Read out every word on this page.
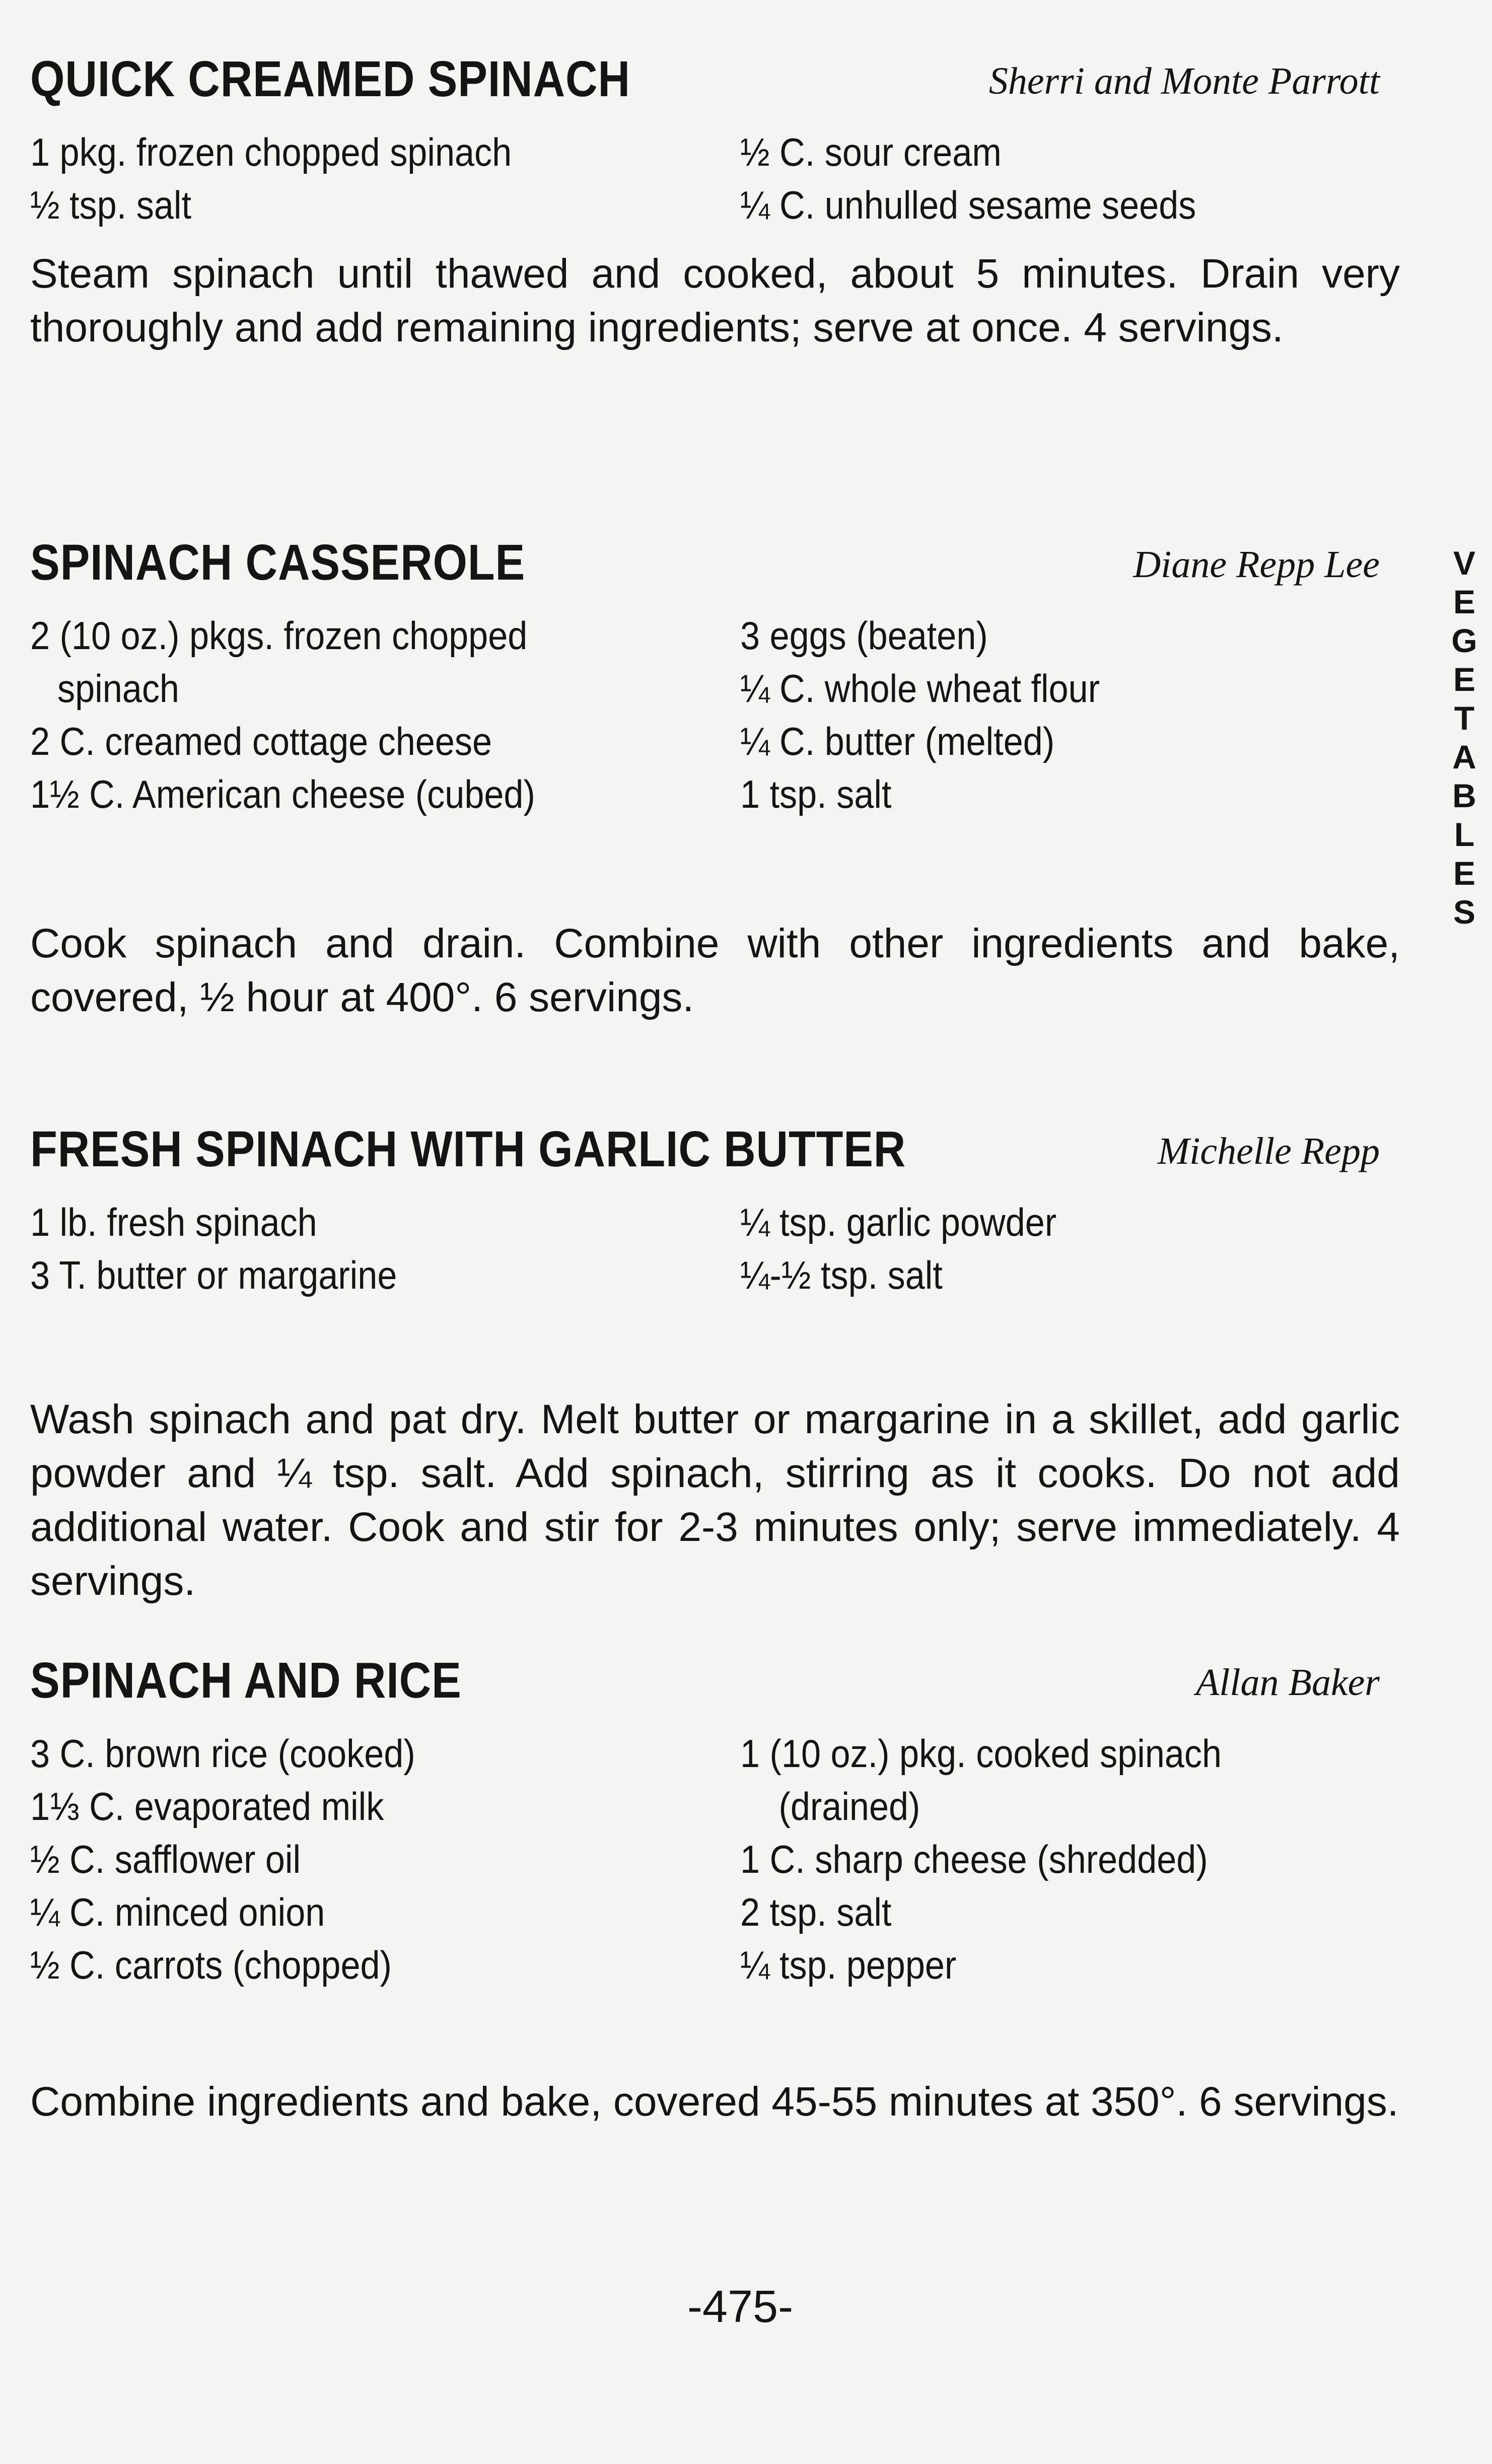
QUICK CREAMED SPINACH	Sherri and Monte Parrott
1 pkg. frozen chopped spinach
½ tsp. salt
½ C. sour cream
¼ C. unhulled sesame seeds
Steam spinach until thawed and cooked, about 5 minutes. Drain very thoroughly and add remaining ingredients; serve at once. 4 servings.
SPINACH CASSEROLE	Diane Repp Lee
2 (10 oz.) pkgs. frozen chopped
spinach
2 C. creamed cottage cheese
1½ C. American cheese (cubed)
3 eggs (beaten)
¼ C. whole wheat flour
¼ C. butter (melted)
1 tsp. salt
Cook spinach and drain. Combine with other ingredients and bake, covered, ½ hour at 400°. 6 servings.
FRESH SPINACH WITH GARLIC BUTTER	Michelle Repp
1 lb. fresh spinach
3 T. butter or margarine
¼ tsp. garlic powder
¼-½ tsp. salt
Wash spinach and pat dry. Melt butter or margarine in a skillet, add garlic powder and ¼ tsp. salt. Add spinach, stirring as it cooks. Do not add additional water. Cook and stir for 2-3 minutes only; serve immediately. 4 servings.
SPINACH AND RICE	Allan Baker
3 C. brown rice (cooked)
1⅓ C. evaporated milk
½ C. safflower oil
¼ C. minced onion
½ C. carrots (chopped)
1 (10 oz.) pkg. cooked spinach
(drained)
1 C. sharp cheese (shredded)
2 tsp. salt
¼ tsp. pepper
Combine ingredients and bake, covered 45-55 minutes at 350°. 6 servings.
V
E
G
E
T
A
B
L
E
S
-475-
